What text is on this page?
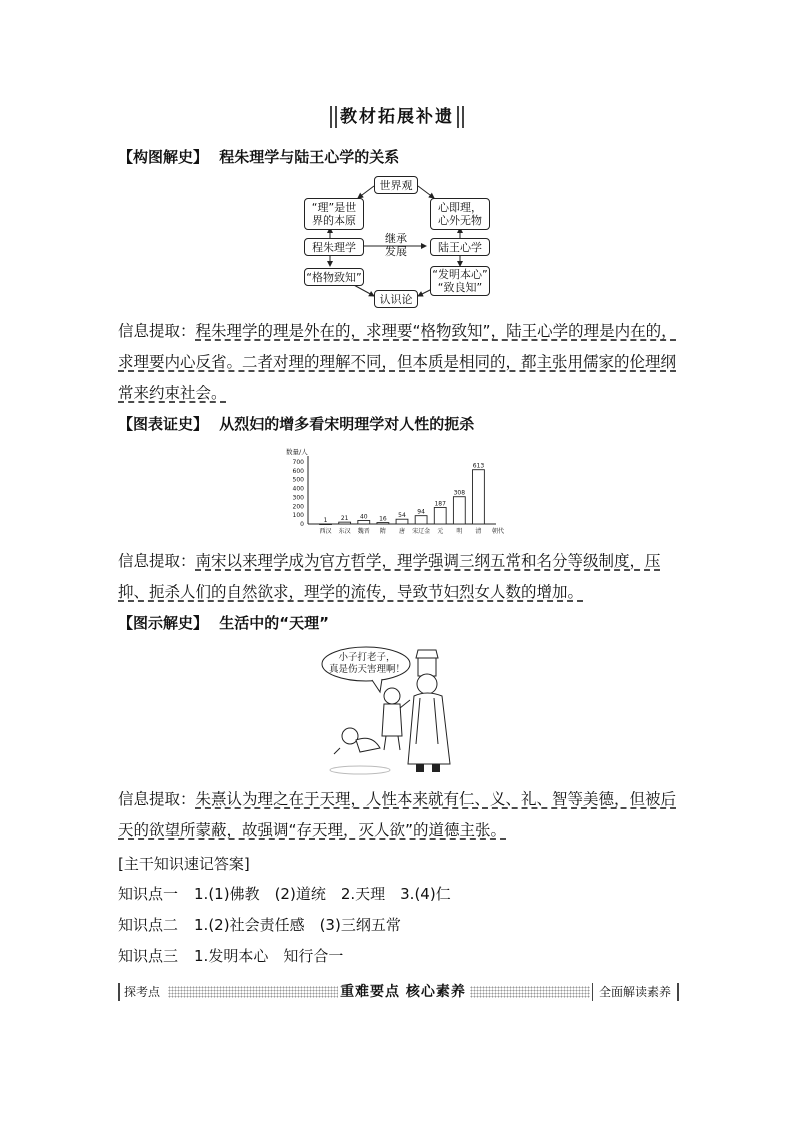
教材拓展补遗
【构图解史】 程朱理学与陆王心学的关系
世界观
“理”是世
界的本原
心即理，
心外无物
程朱理学
继承
发展	陆王心学
“格物致知”	“发明本心”
“致良知”
认识论
信息提取：程朱理学的理是外在的，求理要“格物致知”，陆王心学的理是内在的，求理要内心反省。二者对理的理解不同，但本质是相同的，都主张用儒家的伦理纲常来约束社会。
【图表证史】 从烈妇的增多看宋明理学对人性的扼杀
数量/人
700
600
500
400
300
200
100
0
1
西汉
21
东汉
40
魏晋
16
隋
54
唐
94
宋辽金
187
元
308
明
613
清 朝代
信息提取：南宋以来理学成为官方哲学，理学强调三纲五常和名分等级制度，压抑、扼杀人们的自然欲求，理学的流传，导致节妇烈女人数的增加。
【图示解史】 生活中的“天理”
小子打老子，
真是伤天害理啊！
信息提取：朱熹认为理之在于天理，人性本来就有仁、义、礼、智等美德，但被后天的欲望所蒙蔽，故强调“存天理，灭人欲”的道德主张。
[主干知识速记答案]
知识点一 1.(1)佛教　(2)道统　2.天理　3.(4)仁
知识点二 1.(2)社会责任感　(3)三纲五常
知识点三 1.发明本心　知行合一
探考点	重难要点 核心素养	全面解读素养
